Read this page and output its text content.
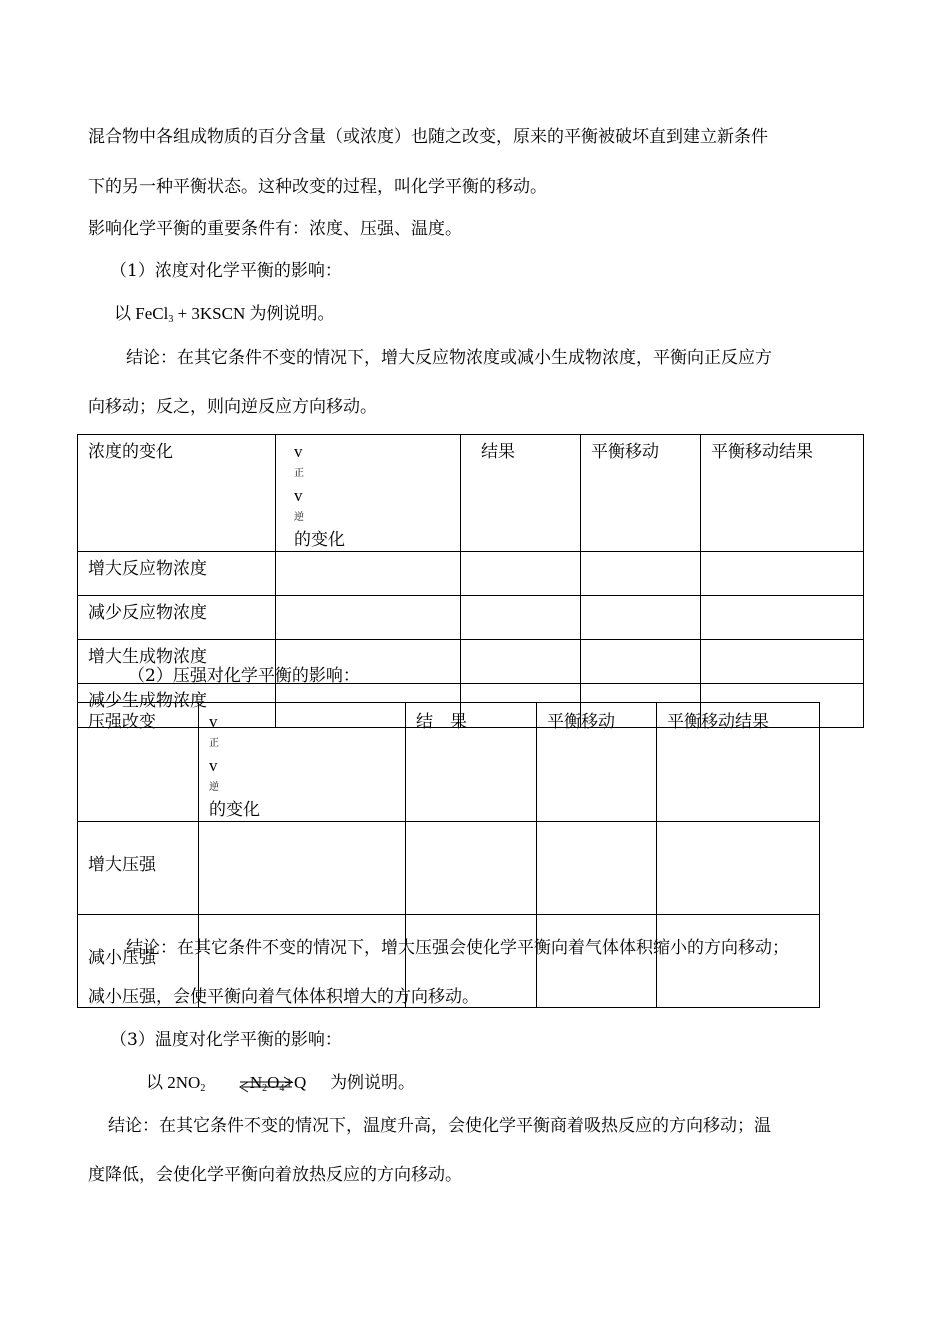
混合物中各组成物质的百分含量（或浓度）也随之改变，原来的平衡被破坏直到建立新条件
下的另一种平衡状态。这种改变的过程，叫化学平衡的移动。
影响化学平衡的重要条件有：浓度、压强、温度。
（1）浓度对化学平衡的影响：
以 FeCl$_3$ + 3KSCN 为例说明。
结论：在其它条件不变的情况下，增大反应物浓度或减小生成物浓度，平衡向正反应方
向移动；反之，则向逆反应方向移动。
浓度的变化	v
正
v
逆
的变化	结果	平衡移动	平衡移动结果
增大反应物浓度				
减少反应物浓度				
增大生成物浓度				
减少生成物浓度				
（2）压强对化学平衡的影响：
压强改变	v
正
v
逆
的变化	结　果	平衡移动	平衡移动结果
增大压强				
减小压强				
结论：在其它条件不变的情况下，增大压强会使化学平衡向着气体体积缩小的方向移动；
减小压强，会使平衡向着气体体积增大的方向移动。
（3）温度对化学平衡的影响：
以 $2NO_2$	$N_2O_4+Q$ 为例说明。
结论：在其它条件不变的情况下，温度升高，会使化学平衡商着吸热反应的方向移动；温
度降低，会使化学平衡向着放热反应的方向移动。
